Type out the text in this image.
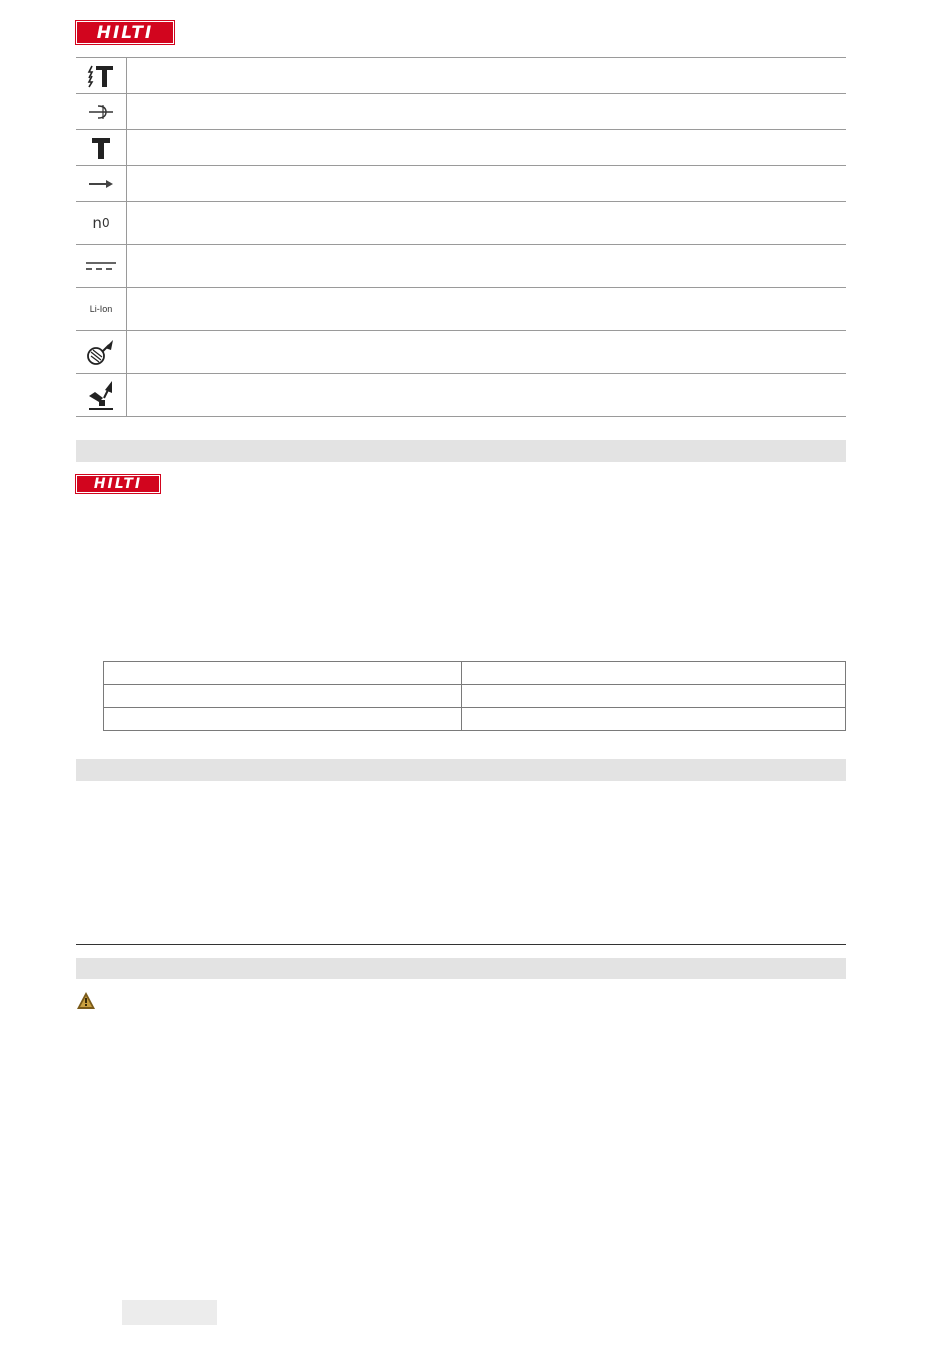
HILTI
n 0
Li-Ion
HILTI
